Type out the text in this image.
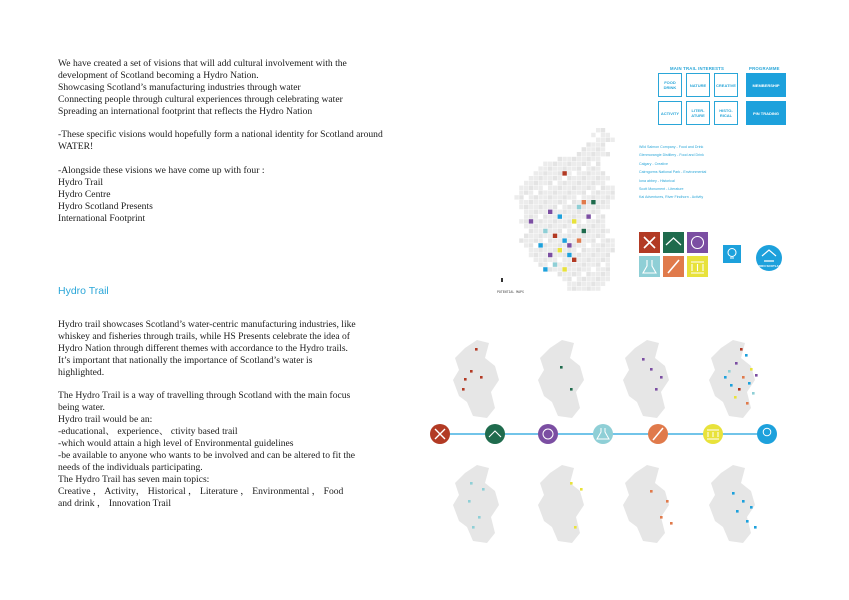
We have created a set of visions that will add cultural involvement with the development of Scotland becoming a Hydro Nation.
Showcasing Scotland’s manufacturing industries through water
Connecting people through cultural experiences through celebrating water
Spreading an international footprint that reflects the Hydro Nation

-These specific visions would hopefully form a national identity for Scotland around WATER!

-Alongside these visions we have come up with four :
Hydro Trail
Hydro Centre
Hydro Scotland Presents
International Footprint
Hydro Trail
Hydro trail showcases Scotland’s water-centric manufacturing industries, like whiskey and fisheries through trails, while HS Presents celebrate the idea of Hydro Nation through different themes with accordance to the Hydro trails. It’s important that nationally the importance of Scotland’s water is highlighted.

The Hydro Trail is a way of travelling through Scotland with the main focus being water.
Hydro trail would be an:
-educational、 experience、 ctivity based trail
-which would attain a high level of Environmental guidelines
-be available to anyone who wants to be involved and can be altered to fit the needs of the individuals participating.
The Hydro Trail has seven main topics:
Creative ， Activity， Historical ， Literature ， Environmental ， Food and drink ， Innovation Trail
MAIN TRAIL INTERESTS	PROGRAMME
FOOD
DRINK	NATURE	CREATIVE
ACTIVITY	LITER-
ATURE
HISTO-
RICAL
MEMBERSHIP
PIN TRADING
Wild Salmon Company - Food and Drink
Glenmorangie Distillery - Food and Drink
Calgary - Creative
Cairngorms National Park - Environmental
Iona abbey - Historical
Scott Monument - Literature
Kai Adventures, River Findhorn - Activity
POTENTIAL MAPS
HYDRO SCOTLAND
